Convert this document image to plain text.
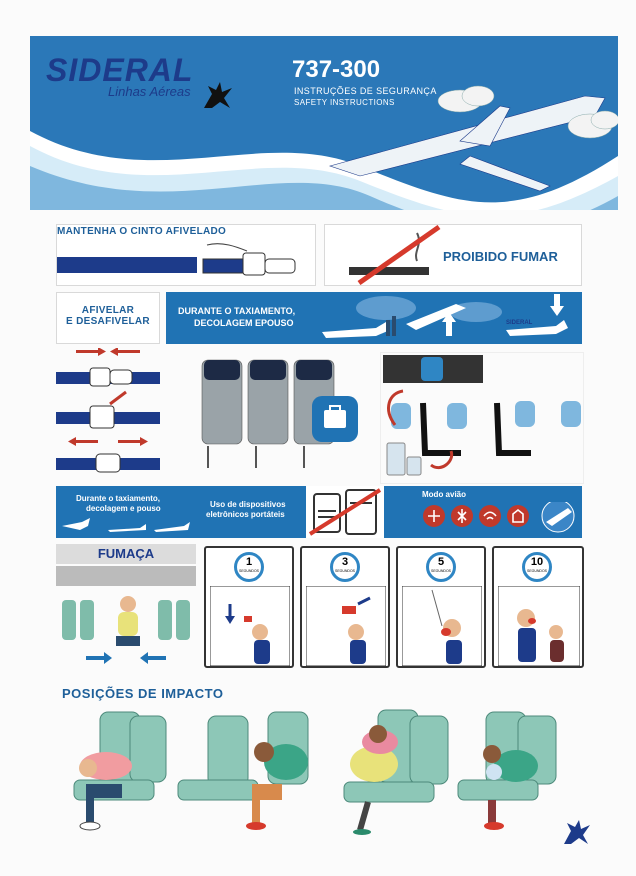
SIDERAL
Linhas Aéreas
737-300
INSTRUÇÕES DE SEGURANÇA
SAFETY INSTRUCTIONS
MANTENHA O CINTO AFIVELADO
PROIBIDO FUMAR
AFIVELAR
E DESAFIVELAR
DURANTE O TAXIAMENTO,
DECOLAGEM EPOUSO	SIDERAL
Durante o taxiamento,
decolagem e pouso	Uso de dispositivos
eletrônicos portáteis
Modo avião
FUMAÇA
1
SEGUNDOS
3
SEGUNDOS
5
SEGUNDOS
10
SEGUNDOS
POSIÇÕES DE IMPACTO
